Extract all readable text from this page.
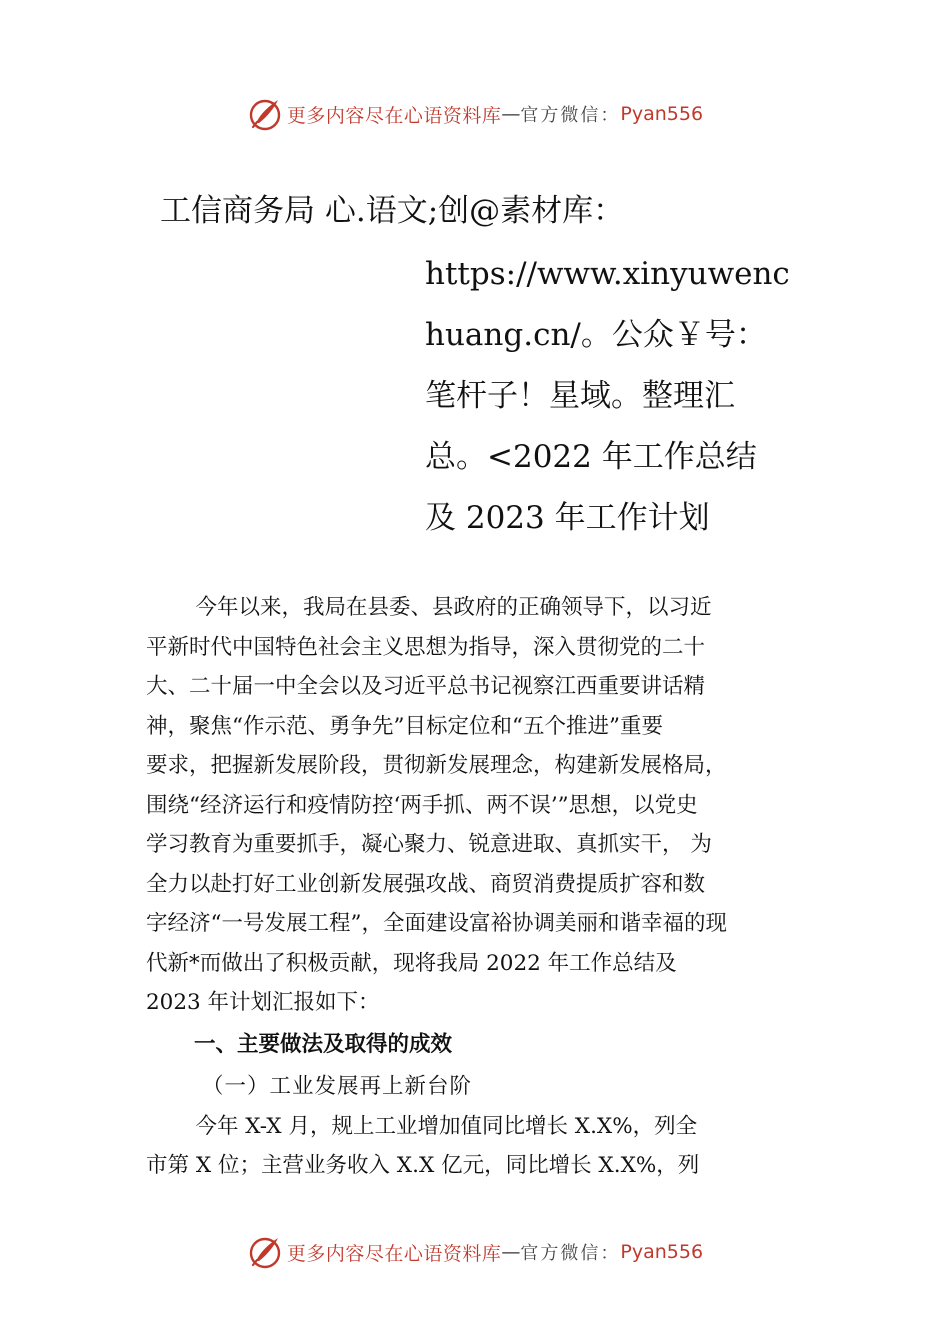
更多内容尽在心语资料库 — 官方微信： Pyan556
工信商务局 心.语文;创@素材库：
https://www.xinyuwenc
huang.cn/。公众￥号：
笔杆子！星域。整理汇
总。<2022 年工作总结
及 2023 年工作计划

今年以来，我局在县委、县政府的正确领导下，以习近

平新时代中国特色社会主义思想为指导，深入贯彻党的二十

大、二十届一中全会以及习近平总书记视察江西重要讲话精

神，聚焦“作示范、勇争先”目标定位和“五个推进”重要

要求，把握新发展阶段，贯彻新发展理念，构建新发展格局，

围绕“经济运行和疫情防控‘两手抓、两不误’”思想，以党史

学习教育为重要抓手，凝心聚力、锐意进取、真抓实干， 为

全力以赴打好工业创新发展强攻战、商贸消费提质扩容和数

字经济“一号发展工程”，全面建设富裕协调美丽和谐幸福的现

代新*而做出了积极贡献，现将我局 2022 年工作总结及

2023 年计划汇报如下：

一、主要做法及取得的成效

（一）工业发展再上新台阶

今年 X-X 月，规上工业增加值同比增长 X.X%，列全

市第 X 位；主营业务收入 X.X 亿元，同比增长 X.X%，列

更多内容尽在心语资料库 — 官方微信： Pyan556
